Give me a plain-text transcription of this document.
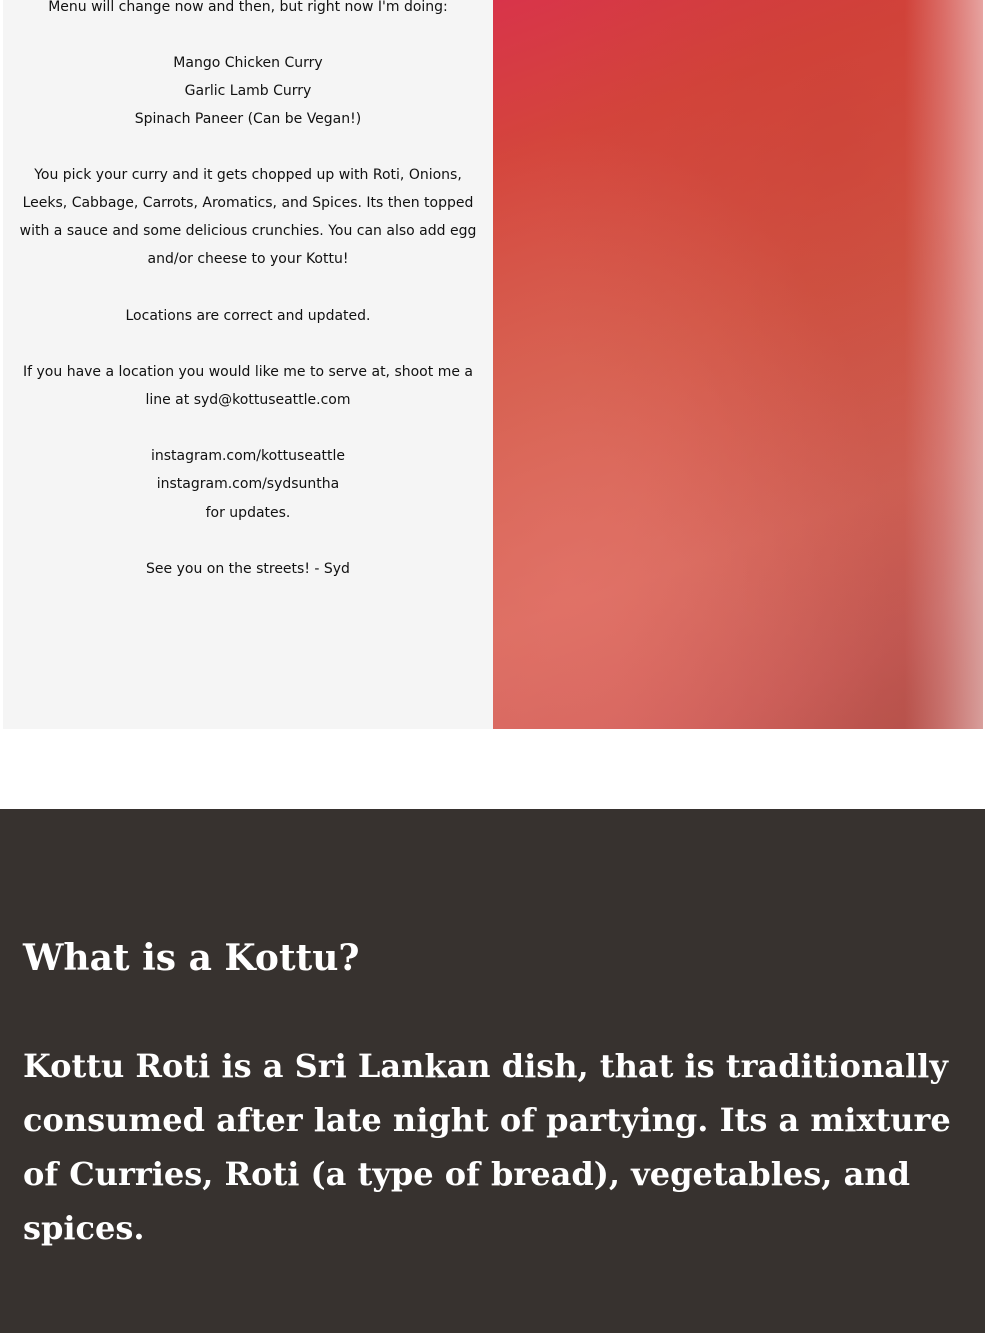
Menu will change now and then, but right now I'm doing:
Mango Chicken Curry
Garlic Lamb Curry
Spinach Paneer (Can be Vegan!)
You pick your curry and it gets chopped up with Roti, Onions, Leeks, Cabbage, Carrots, Aromatics, and Spices. Its then topped with a sauce and some delicious crunchies. You can also add egg and/or cheese to your Kottu!
Locations are correct and updated.
If you have a location you would like me to serve at, shoot me a line at syd@kottuseattle.com
instagram.com/kottuseattle
instagram.com/sydsuntha
for updates.
See you on the streets! - Syd
What is a Kottu?

Kottu Roti is a Sri Lankan dish, that is traditionally consumed after late night of partying. Its a mixture of Curries, Roti (a type of bread), vegetables, and spices.
